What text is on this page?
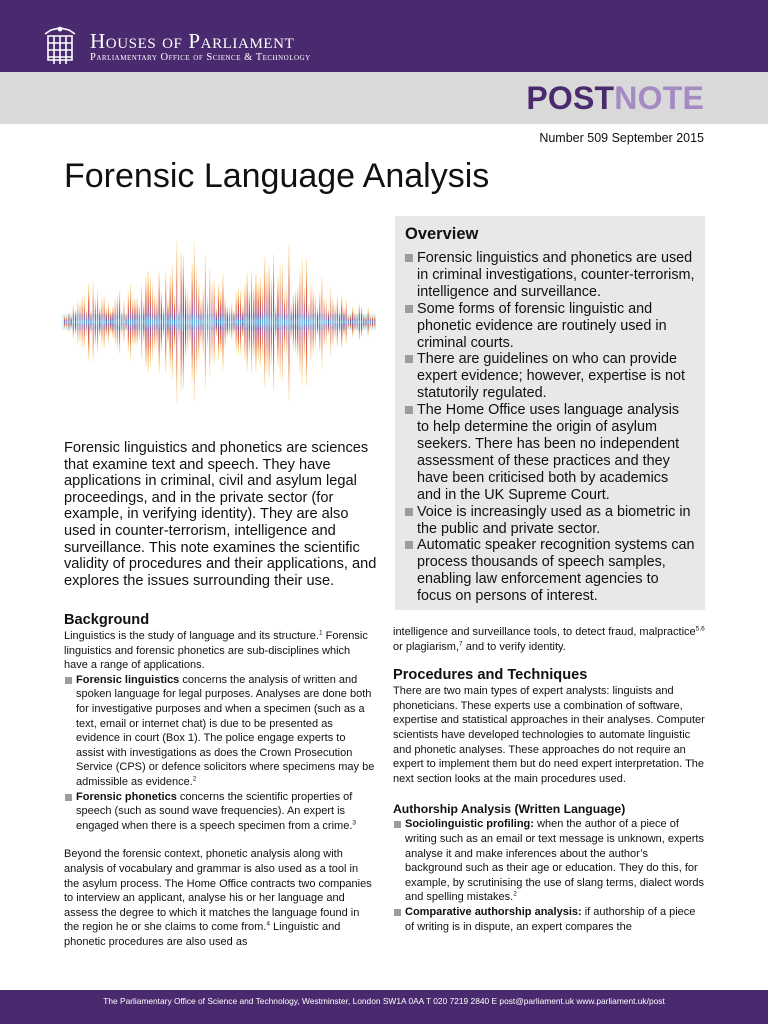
Houses of Parliament
Parliamentary Office of Science & Technology
POSTNOTE
Number 509 September 2015
Forensic Language Analysis

Forensic linguistics and phonetics are sciences that examine text and speech. They have applications in criminal, civil and asylum legal proceedings, and in the private sector (for example, in verifying identity). They are also used in counter-terrorism, intelligence and surveillance. This note examines the scientific validity of procedures and their applications, and explores the issues surrounding their use.

Overview
Forensic linguistics and phonetics are used in criminal investigations, counter-terrorism, intelligence and surveillance.
Some forms of forensic linguistic and phonetic evidence are routinely used in criminal courts.
There are guidelines on who can provide expert evidence; however, expertise is not statutorily regulated.
The Home Office uses language analysis to help determine the origin of asylum seekers. There has been no independent assessment of these practices and they have been criticised both by academics and in the UK Supreme Court.
Voice is increasingly used as a biometric in the public and private sector.
Automatic speaker recognition systems can process thousands of speech samples, enabling law enforcement agencies to focus on persons of interest.
Background

Linguistics is the study of language and its structure.$^1$ Forensic linguistics and forensic phonetics are sub-disciplines which have a range of applications.

Forensic linguistics concerns the analysis of written and spoken language for legal purposes. Analyses are done both for investigative purposes and when a specimen (such as a text, email or internet chat) is due to be presented as evidence in court (Box 1). The police engage experts to assist with investigations as does the Crown Prosecution Service (CPS) or defence solicitors where specimens may be admissible as evidence.$^2$

Forensic phonetics concerns the scientific properties of speech (such as sound wave frequencies). An expert is engaged when there is a speech specimen from a crime.$^3$

Beyond the forensic context, phonetic analysis along with analysis of vocabulary and grammar is also used as a tool in the asylum process. The Home Office contracts two companies to interview an applicant, analyse his or her language and assess the degree to which it matches the language found in the region he or she claims to come from.$^4$ Linguistic and phonetic procedures are also used as

intelligence and surveillance tools, to detect fraud, malpractice$^{5,6}$ or plagiarism,$^7$ and to verify identity.

Procedures and Techniques

There are two main types of expert analysts: linguists and phoneticians. These experts use a combination of software, expertise and statistical approaches in their analyses. Computer scientists have developed technologies to automate linguistic and phonetic analyses. These approaches do not require an expert to implement them but do need expert interpretation. The next section looks at the main procedures used.

Authorship Analysis (Written Language)

Sociolinguistic profiling: when the author of a piece of writing such as an email or text message is unknown, experts analyse it and make inferences about the author’s background such as their age or education. They do this, for example, by scrutinising the use of slang terms, dialect words and spelling mistakes.$^2$

Comparative authorship analysis: if authorship of a piece of writing is in dispute, an expert compares the

The Parliamentary Office of Science and Technology, Westminster, London SW1A 0AA T 020 7219 2840 E post@parliament.uk www.parliament.uk/post
